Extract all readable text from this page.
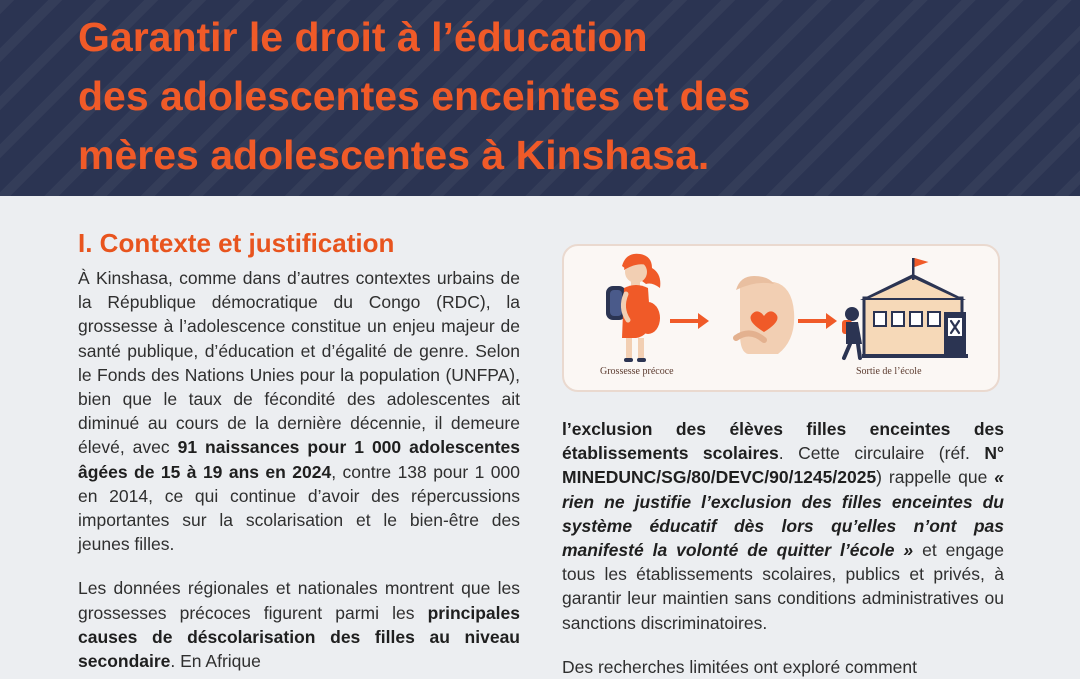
Garantir le droit à l’éducation
des adolescentes enceintes et des
mères adolescentes à Kinshasa.
I. Contexte et justification

À Kinshasa, comme dans d’autres contextes urbains de la République démocratique du Congo (RDC), la grossesse à l’adolescence constitue un enjeu majeur de santé publique, d’éducation et d’égalité de genre. Selon le Fonds des Nations Unies pour la population (UNFPA), bien que le taux de fécondité des adolescentes ait diminué au cours de la dernière décennie, il demeure élevé, avec 91 naissances pour 1 000 adolescentes âgées de 15 à 19 ans en 2024, contre 138 pour 1 000 en 2014, ce qui continue d’avoir des répercussions importantes sur la scolarisation et le bien-être des jeunes filles.

Les données régionales et nationales montrent que les grossesses précoces figurent parmi les principales causes de déscolarisation des filles au niveau secondaire. En Afrique

Grossesse précoce	Sortie de l’école

l’exclusion des élèves filles enceintes des établissements scolaires. Cette circulaire (réf. N° MINEDUNC/SG/80/DEVC/90/1245/2025) rappelle que « rien ne justifie l’exclusion des filles enceintes du système éducatif dès lors qu’elles n’ont pas manifesté la volonté de quitter l’école » et engage tous les établissements scolaires, publics et privés, à garantir leur maintien sans conditions administratives ou sanctions discriminatoires.

Des recherches limitées ont exploré comment
